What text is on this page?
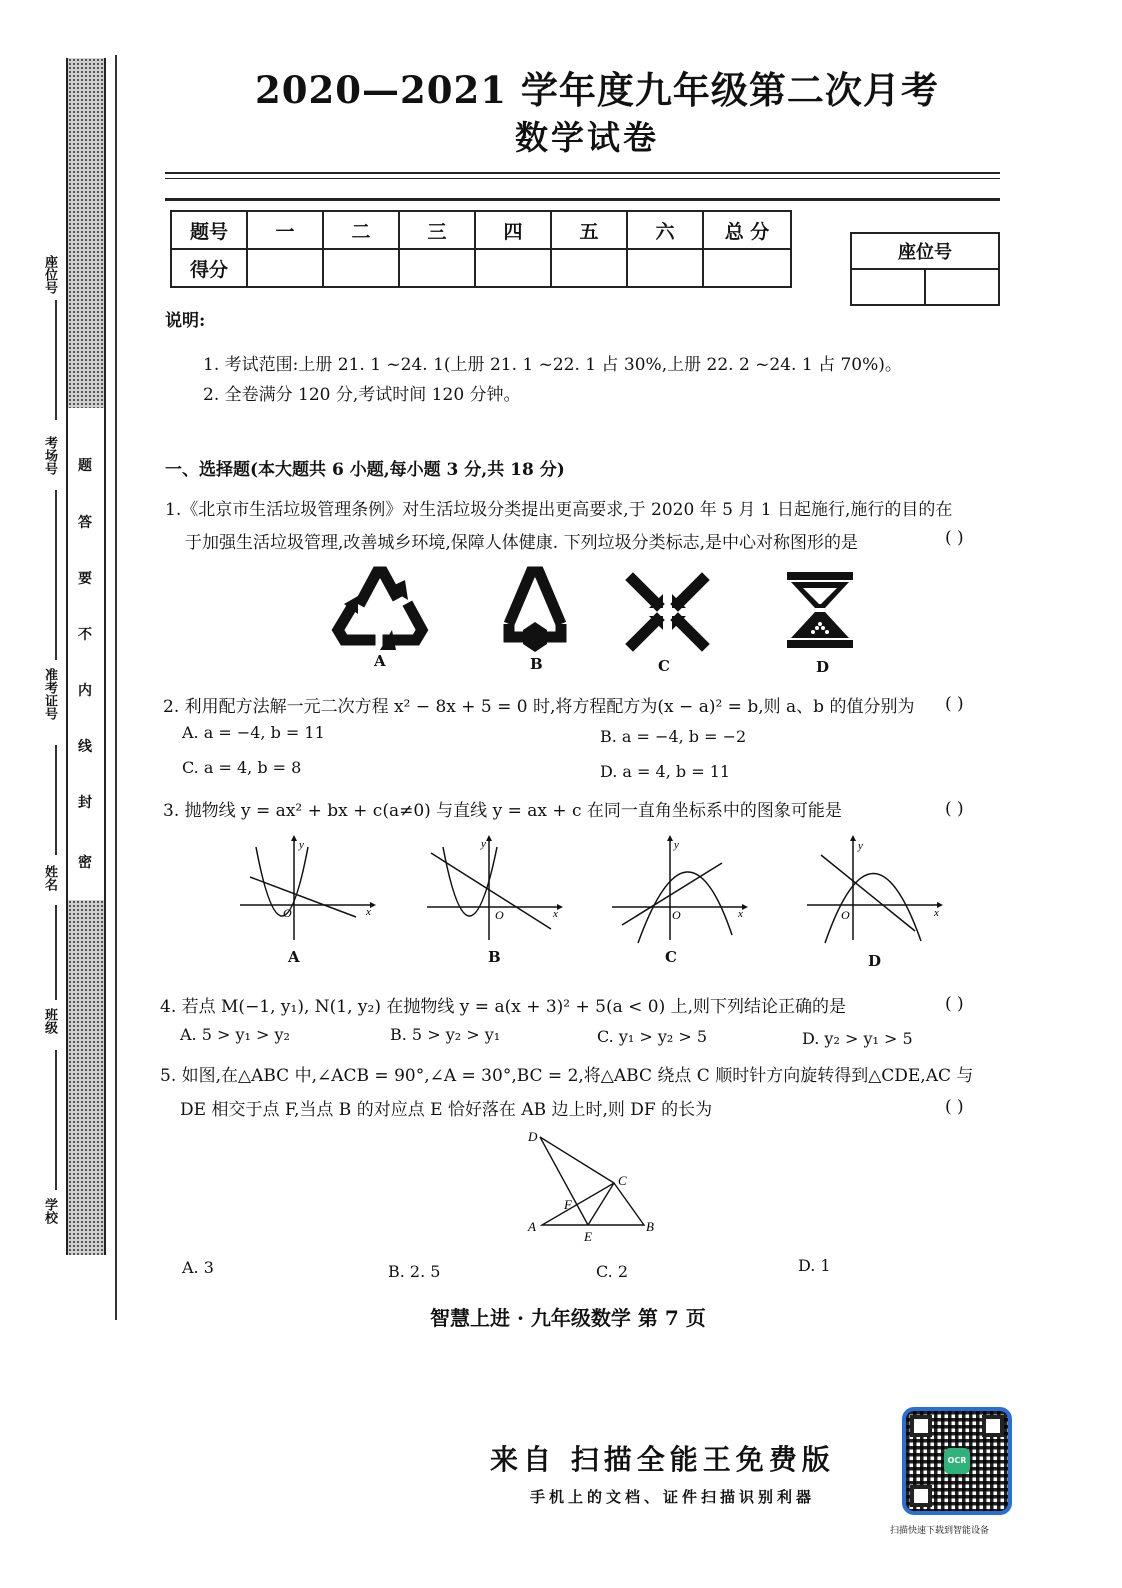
座位号
考场号
准考证号
姓名
班级
学校
题
答
要
不
内
线
封
密
2020—2021 学年度九年级第二次月考
数学试卷
题号	一	二	三	四	五	六	总 分
得分							
座位号

说明:
1. 考试范围:上册 21. 1 ~24. 1(上册 21. 1 ~22. 1 占 30%,上册 22. 2 ~24. 1 占 70%)。
2. 全卷满分 120 分,考试时间 120 分钟。
一、选择题(本大题共 6 小题,每小题 3 分,共 18 分)
1.《北京市生活垃圾管理条例》对生活垃圾分类提出更高要求,于 2020 年 5 月 1 日起施行,施行的目的在
于加强生活垃圾管理,改善城乡环境,保障人体健康. 下列垃圾分类标志,是中心对称图形的是	( )
A	B	C	D
2. 利用配方法解一元二次方程 x² − 8x + 5 = 0 时,将方程配方为(x − a)² = b,则 a、b 的值分别为 ( )
A. a = −4, b = 11	B. a = −4, b = −2
C. a = 4, b = 8	D. a = 4, b = 11
3. 抛物线 y = ax² + bx + c(a≠0) 与直线 y = ax + c 在同一直角坐标系中的图象可能是	( )
x
y
O
A
x
y
O
B
x
y
O
C
x
y
O
D
4. 若点 M(−1, y₁), N(1, y₂) 在抛物线 y = a(x + 3)² + 5(a < 0) 上,则下列结论正确的是	( )
A. 5 > y₁ > y₂	B. 5 > y₂ > y₁	C. y₁ > y₂ > 5	D. y₂ > y₁ > 5
5. 如图,在△ABC 中,∠ACB = 90°,∠A = 30°,BC = 2,将△ABC 绕点 C 顺时针方向旋转得到△CDE,AC 与
DE 相交于点 F,当点 B 的对应点 E 恰好落在 AB 边上时,则 DF 的长为	( )
D
C
F
A
E
B
A. 3	B. 2. 5	C. 2	D. 1
智慧上进 · 九年级数学 第 7 页
来自 扫描全能王免费版
手机上的文档、证件扫描识别利器
OCR
扫描快速下载到智能设备
